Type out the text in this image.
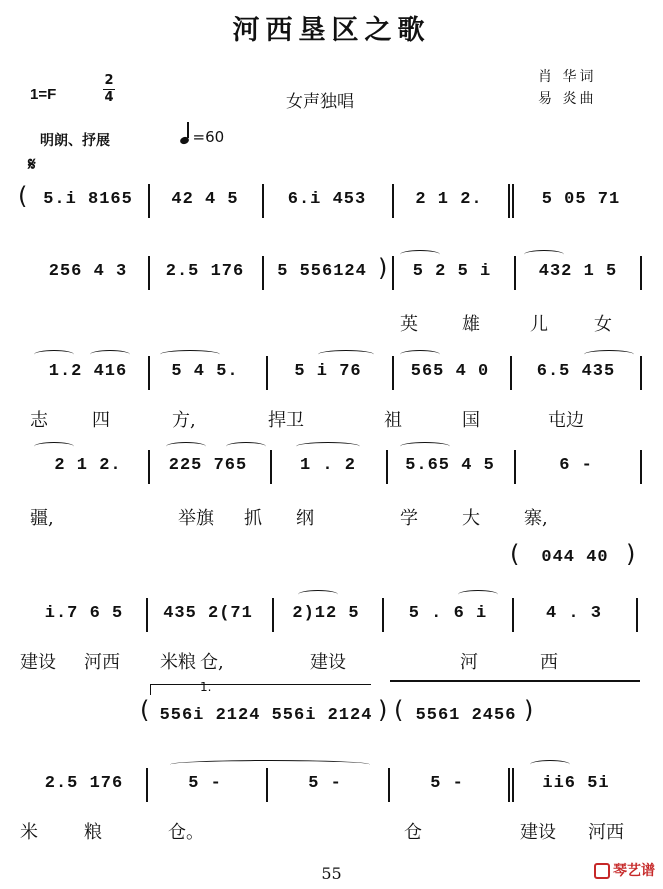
河西垦区之歌
1=F
2
4	女声独唱
肖 华词
易 炎曲
明朗、抒展	=60
𝄋
( 5.i 8165	42 4 5	6.i 453	2 1 2.	5 05 71
256 4 3	2.5 176	5 556124 )	5 2 5 i	432 1 5
英 雄	儿	女
1.2 416	5 4 5.	5 i 76	565 4 0	6.5 435
志 四	方,	捍卫	祖	国	屯边
2 1 2.	225 765	1 . 2	5.65 4 5	6 -
疆,	举旗 抓 纲	学 大 寨,
(	044 40 )
i.7 6 5	435 2(71	2)12 5	5 . 6 i	4 . 3
建设 河西 米粮 仓,	建设	河	西
1.
( 556i 2124 556i 2124 ) ( 5561 2456 )
2.5 176	5 -	5 -	5 -	ii6 5i
米	粮	仓。	仓	建设 河西
55	琴艺谱
